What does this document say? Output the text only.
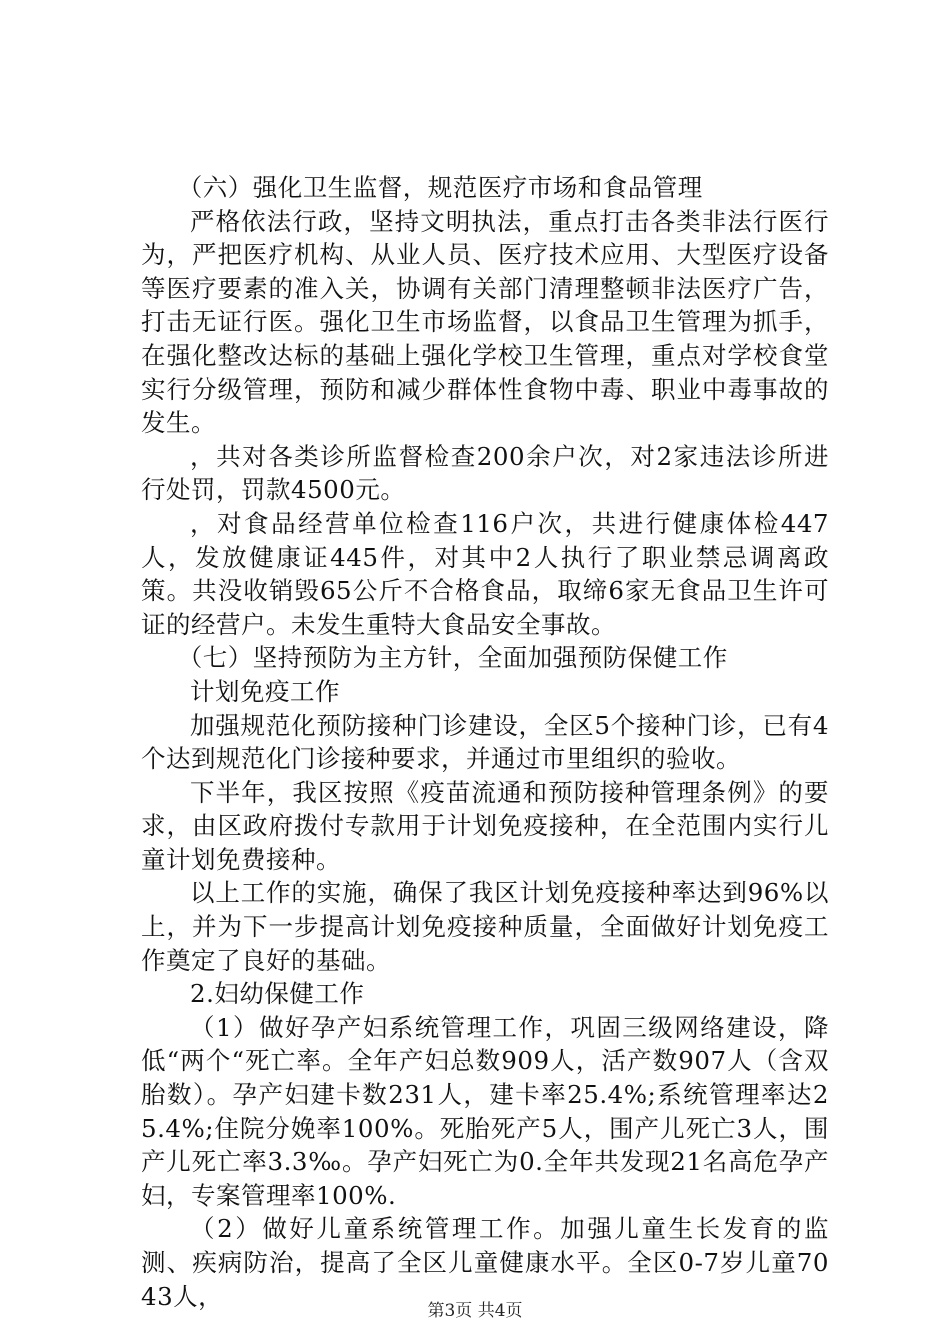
（六）强化卫生监督，规范医疗市场和食品管理

严格依法行政，坚持文明执法，重点打击各类非法行医行为，严把医疗机构、从业人员、医疗技术应用、大型医疗设备等医疗要素的准入关，协调有关部门清理整顿非法医疗广告，打击无证行医。强化卫生市场监督，以食品卫生管理为抓手，在强化整改达标的基础上强化学校卫生管理，重点对学校食堂实行分级管理，预防和减少群体性食物中毒、职业中毒事故的发生。

，共对各类诊所监督检查200余户次，对2家违法诊所进行处罚，罚款4500元。

，对食品经营单位检查116户次，共进行健康体检447人，发放健康证445件，对其中2人执行了职业禁忌调离政策。共没收销毁65公斤不合格食品，取缔6家无食品卫生许可证的经营户。未发生重特大食品安全事故。

（七）坚持预防为主方针，全面加强预防保健工作

计划免疫工作

加强规范化预防接种门诊建设，全区5个接种门诊，已有4个达到规范化门诊接种要求，并通过市里组织的验收。

下半年，我区按照《疫苗流通和预防接种管理条例》的要求，由区政府拨付专款用于计划免疫接种，在全范围内实行儿童计划免费接种。

以上工作的实施，确保了我区计划免疫接种率达到96%以上，并为下一步提高计划免疫接种质量，全面做好计划免疫工作奠定了良好的基础。

2.妇幼保健工作

（1）做好孕产妇系统管理工作，巩固三级网络建设，降低“两个“死亡率。全年产妇总数909人，活产数907人（含双胎数）。孕产妇建卡数231人，建卡率25.4%;系统管理率达25.4%;住院分娩率100%。死胎死产5人，围产儿死亡3人，围产儿死亡率3.3‰。孕产妇死亡为0.全年共发现21名高危孕产妇，专案管理率100%.

（2）做好儿童系统管理工作。加强儿童生长发育的监测、疾病防治，提高了全区儿童健康水平。全区0-7岁儿童7043人，

第3页 共4页
